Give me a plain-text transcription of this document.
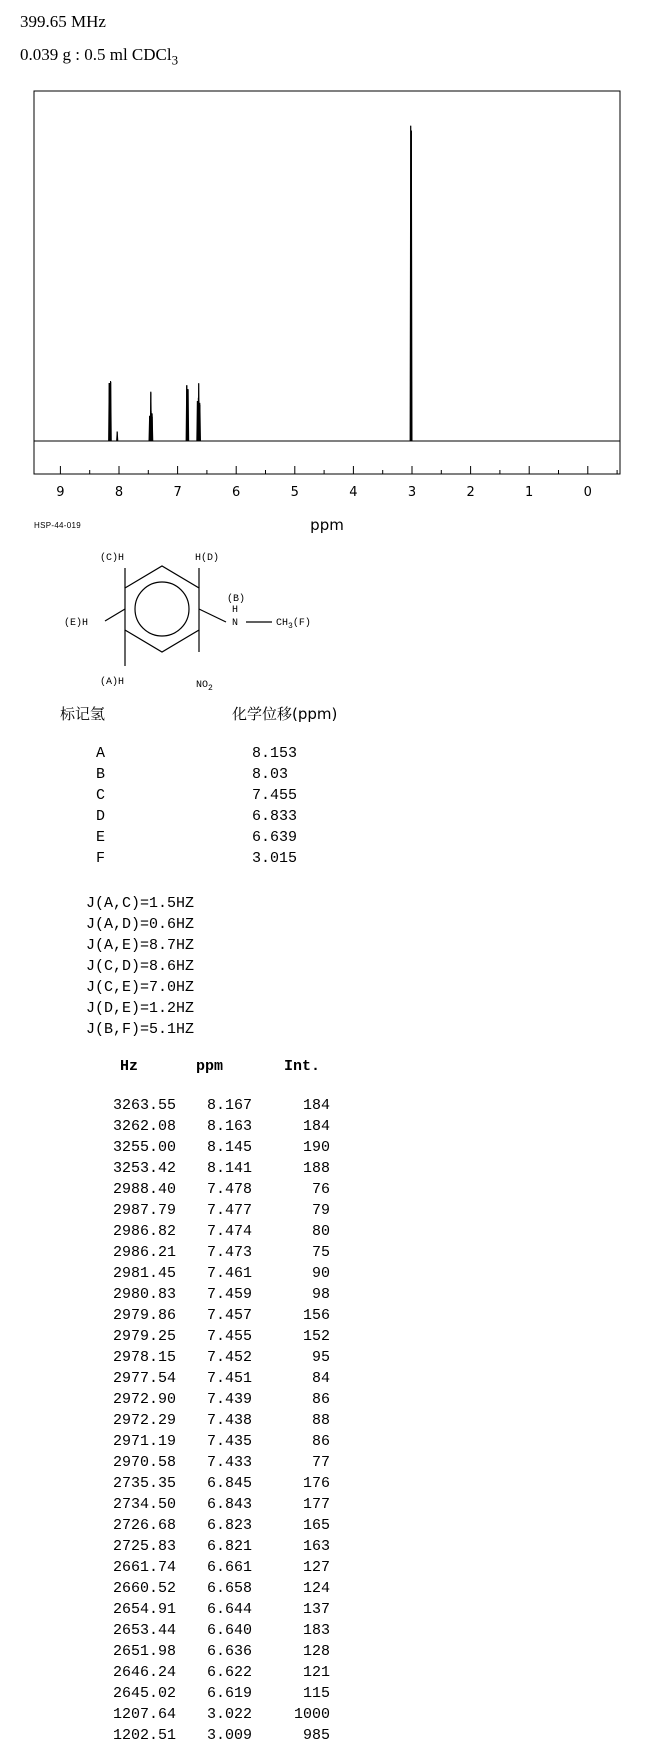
399.65 MHz
0.039 g : 0.5 ml CDCl$_3$
9	8	7	6	5	4	3	2	1	0
ppm
(C)H	H(D)
(E)H
(A)H
(B)
H
N	$CH_3(F)$
$NO_2$
HSP-44-019
标记氢	化学位移(ppm)
A	8.153
B	8.03
C	7.455
D	6.833
E	6.639
F	3.015
J(A,C)=1.5HZ
J(A,D)=0.6HZ
J(A,E)=8.7HZ
J(C,D)=8.6HZ
J(C,E)=7.0HZ
J(D,E)=1.2HZ
J(B,F)=5.1HZ
Hz	ppm	Int.
3263.55	8.167	184
3262.08	8.163	184
3255.00	8.145	190
3253.42	8.141	188
2988.40	7.478	76
2987.79	7.477	79
2986.82	7.474	80
2986.21	7.473	75
2981.45	7.461	90
2980.83	7.459	98
2979.86	7.457	156
2979.25	7.455	152
2978.15	7.452	95
2977.54	7.451	84
2972.90	7.439	86
2972.29	7.438	88
2971.19	7.435	86
2970.58	7.433	77
2735.35	6.845	176
2734.50	6.843	177
2726.68	6.823	165
2725.83	6.821	163
2661.74	6.661	127
2660.52	6.658	124
2654.91	6.644	137
2653.44	6.640	183
2651.98	6.636	128
2646.24	6.622	121
2645.02	6.619	115
1207.64	3.022	1000
1202.51	3.009	985
